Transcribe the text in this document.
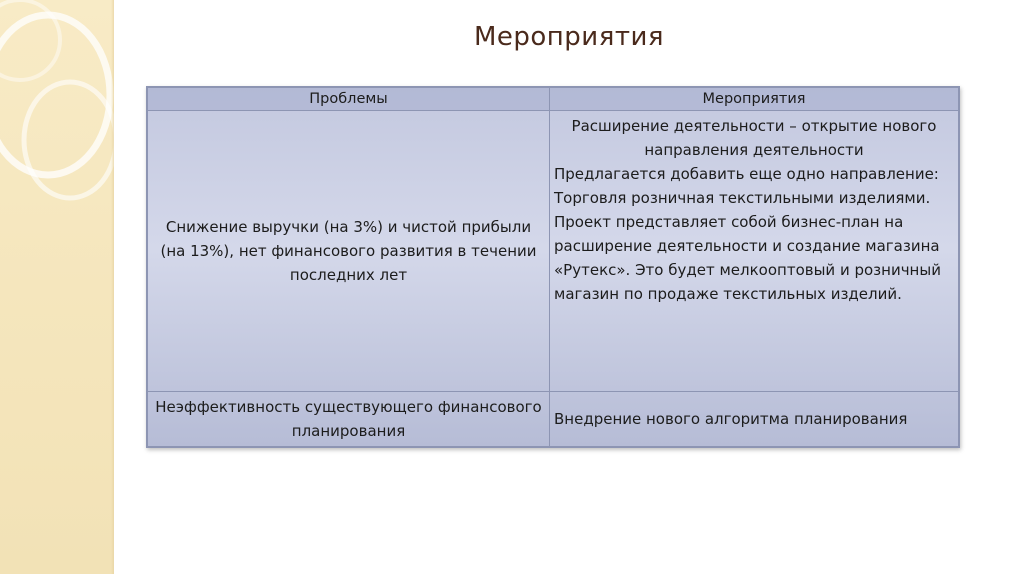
Мероприятия
Проблемы	Мероприятия
Снижение выручки (на 3%) и чистой прибыли (на 13%), нет финансового развития в течении последних лет	Расширение деятельности – открытие нового направления деятельности
Предлагается добавить еще одно направление: Торговля розничная текстильными изделиями.
Проект представляет собой бизнес-план на расширение деятельности и создание магазина «Рутекс». Это будет мелкооптовый и розничный магазин по продаже текстильных изделий.

Неэффективность существующего финансового планирования	Внедрение нового алгоритма планирования
